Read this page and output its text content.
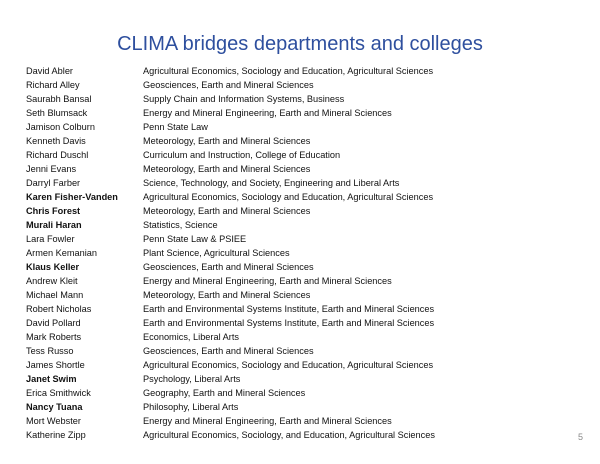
CLIMA bridges departments and colleges
David Abler	Agricultural Economics, Sociology and Education, Agricultural Sciences
Richard Alley	Geosciences, Earth and Mineral Sciences
Saurabh Bansal	Supply Chain and Information Systems, Business
Seth Blumsack	Energy and Mineral Engineering, Earth and Mineral Sciences
Jamison Colburn	Penn State Law
Kenneth Davis	Meteorology, Earth and Mineral Sciences
Richard Duschl	Curriculum and Instruction, College of Education
Jenni Evans	Meteorology, Earth and Mineral Sciences
Darryl Farber	Science, Technology, and Society, Engineering and Liberal Arts
Karen Fisher-Vanden	Agricultural Economics, Sociology and Education, Agricultural Sciences
Chris Forest	Meteorology, Earth and Mineral Sciences
Murali Haran	Statistics, Science
Lara Fowler	Penn State Law & PSIEE
Armen Kemanian	Plant Science, Agricultural Sciences
Klaus Keller	Geosciences, Earth and Mineral Sciences
Andrew Kleit	Energy and Mineral Engineering, Earth and Mineral Sciences
Michael Mann	Meteorology, Earth and Mineral Sciences
Robert Nicholas	Earth and Environmental Systems Institute, Earth and Mineral Sciences
David Pollard	Earth and Environmental Systems Institute, Earth and Mineral Sciences
Mark Roberts	Economics, Liberal Arts
Tess Russo	Geosciences, Earth and Mineral Sciences
James Shortle	Agricultural Economics, Sociology and Education, Agricultural Sciences
Janet Swim	Psychology, Liberal Arts
Erica Smithwick	Geography, Earth and Mineral Sciences
Nancy Tuana	Philosophy, Liberal Arts
Mort Webster	Energy and Mineral Engineering, Earth and Mineral Sciences
Katherine Zipp	Agricultural Economics, Sociology, and Education, Agricultural Sciences	5
